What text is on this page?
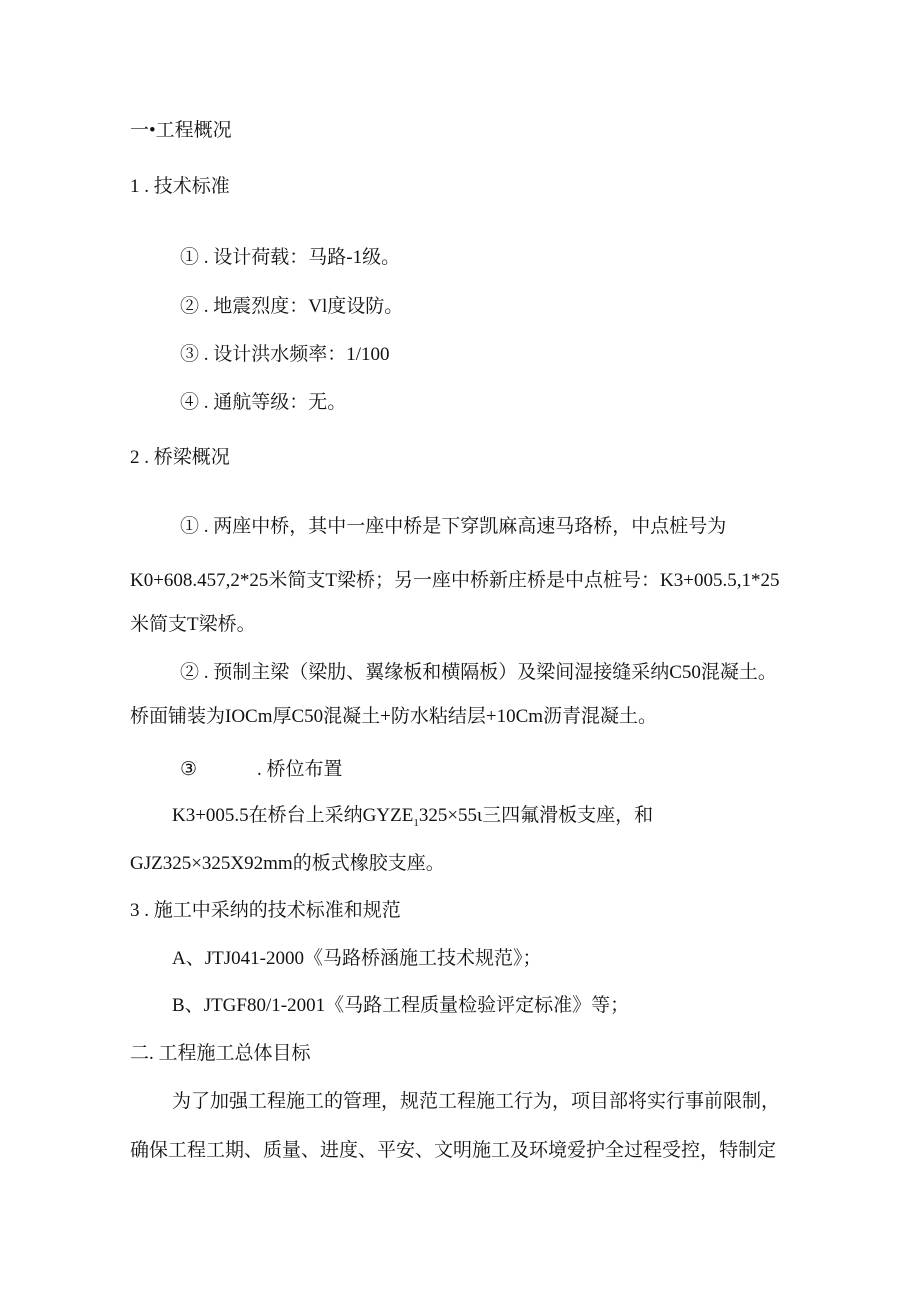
一•工程概况
1 . 技术标准
① . 设计荷载：马路-1级。
② . 地震烈度：Vl度设防。
③ . 设计洪水频率：1/100
④ . 通航等级：无。
2 . 桥梁概况
① . 两座中桥，其中一座中桥是下穿凯麻高速马珞桥，中点桩号为
K0+608.457,2*25米简支T梁桥；另一座中桥新庄桥是中点桩号：K3+005.5,1*25
米简支T梁桥。
② . 预制主梁（梁肋、翼缘板和横隔板）及梁间湿接缝采纳C50混凝土。
桥面铺装为IOCm厚C50混凝土+防水粘结层+10Cm沥青混凝土。
③	. 桥位布置
K3+005.5在桥台上采纳$GYZE_1325\times 55\iota$三四氟滑板支座，和
GJZ325×325X92mm的板式橡胶支座。
3 . 施工中采纳的技术标准和规范
A、JTJ041-2000《马路桥涵施工技术规范》；
B、JTGF80/1-2001《马路工程质量检验评定标准》等；
二. 工程施工总体目标
为了加强工程施工的管理，规范工程施工行为，项目部将实行事前限制，
确保工程工期、质量、进度、平安、文明施工及环境爱护全过程受控，特制定
